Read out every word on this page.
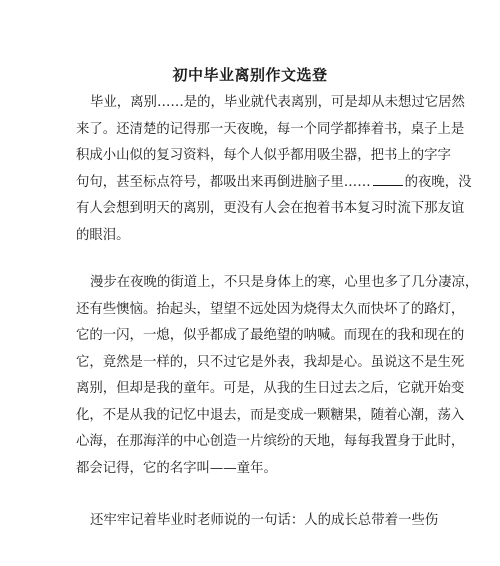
初中毕业离别作文选登
毕业，离别……是的，毕业就代表离别，可是却从未想过它居然
来了。还清楚的记得那一天夜晚，每一个同学都捧着书，桌子上是
积成小山似的复习资料，每个人似乎都用吸尘器，把书上的字字
句句，甚至标点符号，都吸出来再倒进脑子里……	的夜晚，没
有人会想到明天的离别，更没有人会在抱着书本复习时流下那友谊
的眼泪。
漫步在夜晚的街道上，不只是身体上的寒，心里也多了几分凄凉，
还有些懊恼。抬起头，望望不远处因为烧得太久而快坏了的路灯，
它的一闪，一熄，似乎都成了最绝望的呐喊。而现在的我和现在的
它，竟然是一样的，只不过它是外表，我却是心。虽说这不是生死
离别，但却是我的童年。可是，从我的生日过去之后，它就开始变
化，不是从我的记忆中退去，而是变成一颗糖果，随着心潮，荡入
心海，在那海洋的中心创造一片缤纷的天地，每每我置身于此时，
都会记得，它的名字叫——童年。
还牢牢记着毕业时老师说的一句话：人的成长总带着一些伤
